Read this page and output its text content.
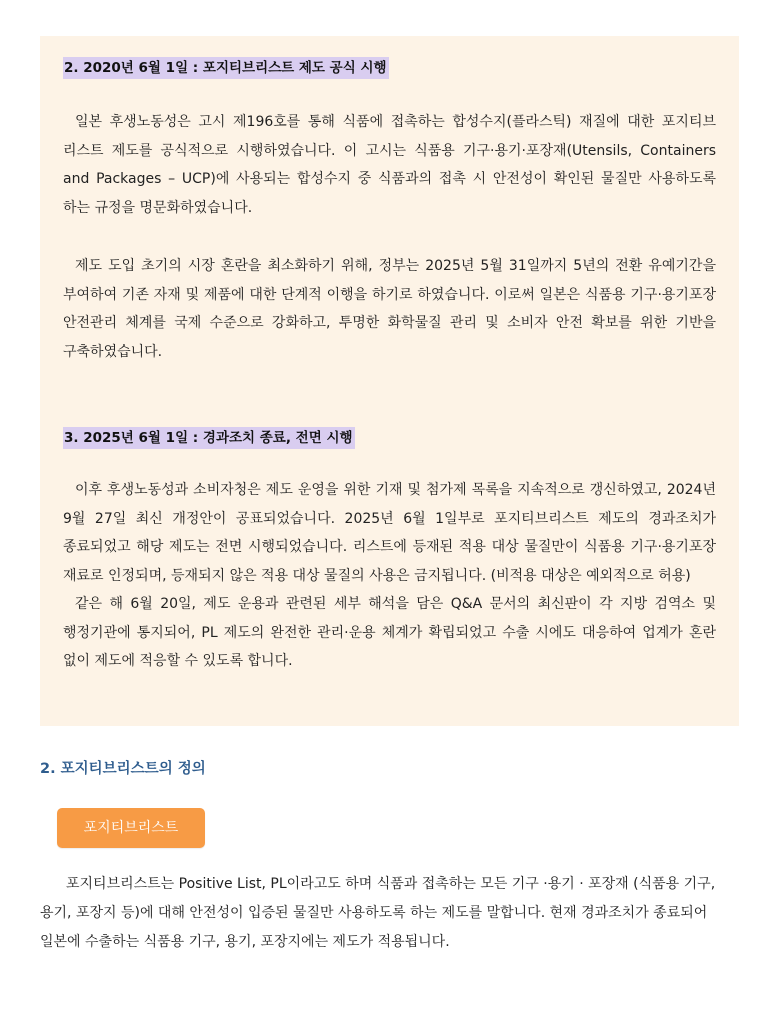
2. 2020년 6월 1일 : 포지티브리스트 제도 공식 시행

일본 후생노동성은 고시 제196호를 통해 식품에 접촉하는 합성수지(플라스틱) 재질에 대한 포지티브 리스트 제도를 공식적으로 시행하였습니다. 이 고시는 식품용 기구·용기·포장재(Utensils, Containers and Packages – UCP)에 사용되는 합성수지 중 식품과의 접촉 시 안전성이 확인된 물질만 사용하도록 하는 규정을 명문화하였습니다.

제도 도입 초기의 시장 혼란을 최소화하기 위해, 정부는 2025년 5월 31일까지 5년의 전환 유예기간을 부여하여 기존 자재 및 제품에 대한 단계적 이행을 하기로 하였습니다. 이로써 일본은 식품용 기구·용기포장 안전관리 체계를 국제 수준으로 강화하고, 투명한 화학물질 관리 및 소비자 안전 확보를 위한 기반을 구축하였습니다.

3. 2025년 6월 1일 : 경과조치 종료, 전면 시행

이후 후생노동성과 소비자청은 제도 운영을 위한 기재 및 첨가제 목록을 지속적으로 갱신하였고, 2024년 9월 27일 최신 개정안이 공표되었습니다. 2025년 6월 1일부로 포지티브리스트 제도의 경과조치가 종료되었고 해당 제도는 전면 시행되었습니다. 리스트에 등재된 적용 대상 물질만이 식품용 기구·용기포장 재료로 인정되며, 등재되지 않은 적용 대상 물질의 사용은 금지됩니다. (비적용 대상은 예외적으로 허용)

같은 해 6월 20일, 제도 운용과 관련된 세부 해석을 담은 Q&A 문서의 최신판이 각 지방 검역소 및 행정기관에 통지되어, PL 제도의 완전한 관리·운용 체계가 확립되었고 수출 시에도 대응하여 업계가 혼란 없이 제도에 적응할 수 있도록 합니다.

2. 포지티브리스트의 정의
포지티브리스트

포지티브리스트는 Positive List, PL이라고도 하며 식품과 접촉하는 모든 기구 ·용기 · 포장재 (식품용 기구, 용기, 포장지 등)에 대해 안전성이 입증된 물질만 사용하도록 하는 제도를 말합니다. 현재 경과조치가 종료되어 일본에 수출하는 식품용 기구, 용기, 포장지에는 제도가 적용됩니다.
